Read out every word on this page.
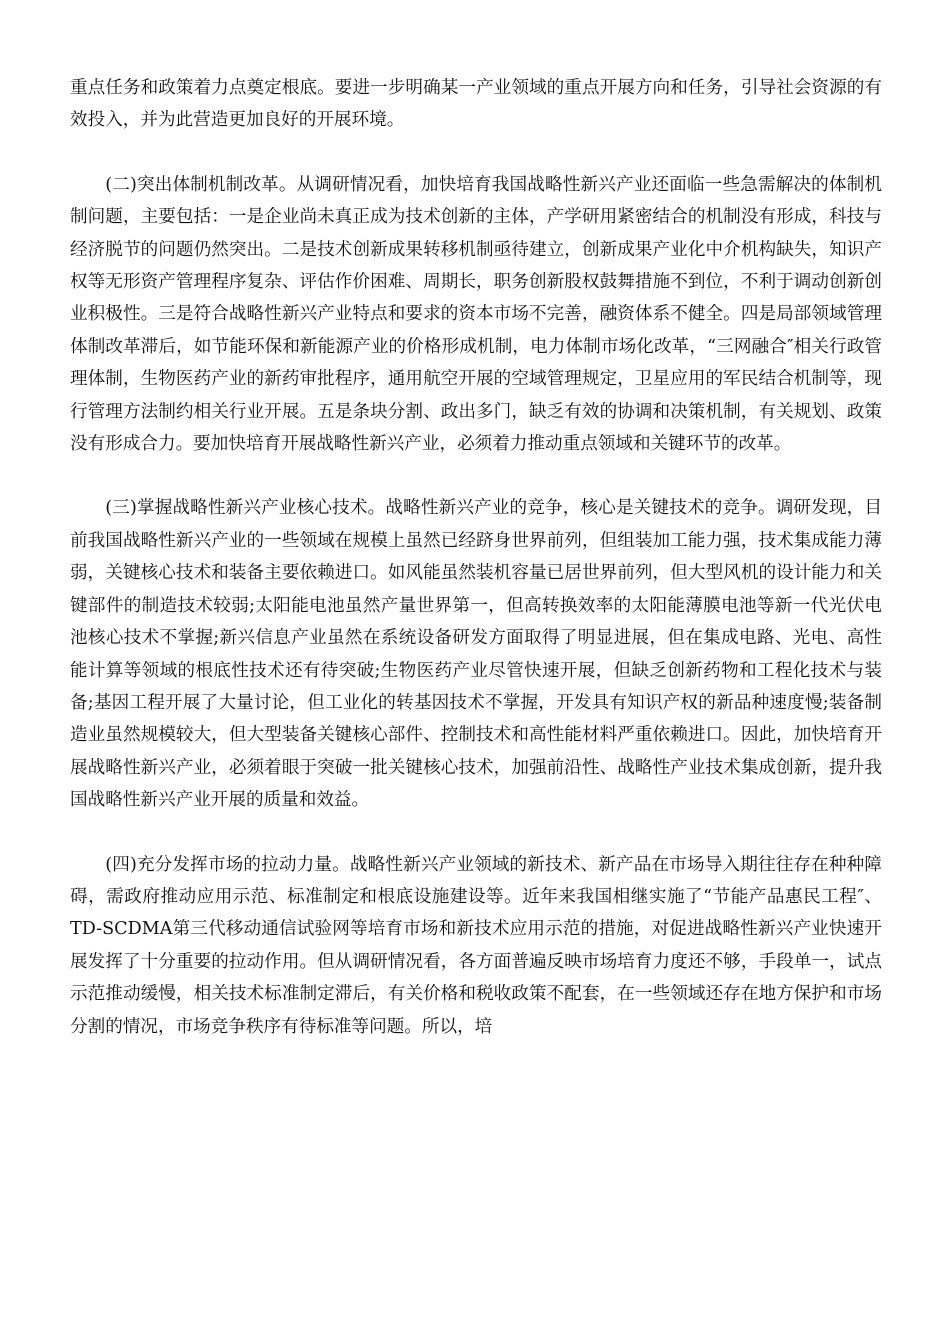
重点任务和政策着力点奠定根底。要进一步明确某一产业领域的重点开展方向和任务，引导社会资源的有效投入，并为此营造更加良好的开展环境。

(二)突出体制机制改革。从调研情况看，加快培育我国战略性新兴产业还面临一些急需解决的体制机制问题，主要包括：一是企业尚未真正成为技术创新的主体，产学研用紧密结合的机制没有形成，科技与经济脱节的问题仍然突出。二是技术创新成果转移机制亟待建立，创新成果产业化中介机构缺失，知识产权等无形资产管理程序复杂、评估作价困难、周期长，职务创新股权鼓舞措施不到位，不利于调动创新创业积极性。三是符合战略性新兴产业特点和要求的资本市场不完善，融资体系不健全。四是局部领域管理体制改革滞后，如节能环保和新能源产业的价格形成机制，电力体制市场化改革，“三网融合″相关行政管理体制，生物医药产业的新药审批程序，通用航空开展的空域管理规定，卫星应用的军民结合机制等，现行管理方法制约相关行业开展。五是条块分割、政出多门，缺乏有效的协调和决策机制，有关规划、政策没有形成合力。要加快培育开展战略性新兴产业，必须着力推动重点领域和关键环节的改革。

(三)掌握战略性新兴产业核心技术。战略性新兴产业的竞争，核心是关键技术的竞争。调研发现，目前我国战略性新兴产业的一些领域在规模上虽然已经跻身世界前列，但组装加工能力强，技术集成能力薄弱，关键核心技术和装备主要依赖进口。如风能虽然装机容量已居世界前列，但大型风机的设计能力和关键部件的制造技术较弱;太阳能电池虽然产量世界第一，但高转换效率的太阳能薄膜电池等新一代光伏电池核心技术不掌握;新兴信息产业虽然在系统设备研发方面取得了明显进展，但在集成电路、光电、高性能计算等领域的根底性技术还有待突破;生物医药产业尽管快速开展，但缺乏创新药物和工程化技术与装备;基因工程开展了大量讨论，但工业化的转基因技术不掌握，开发具有知识产权的新品种速度慢;装备制造业虽然规模较大，但大型装备关键核心部件、控制技术和高性能材料严重依赖进口。因此，加快培育开展战略性新兴产业，必须着眼于突破一批关键核心技术，加强前沿性、战略性产业技术集成创新，提升我国战略性新兴产业开展的质量和效益。

(四)充分发挥市场的拉动力量。战略性新兴产业领域的新技术、新产品在市场导入期往往存在种种障碍，需政府推动应用示范、标准制定和根底设施建设等。近年来我国相继实施了“节能产品惠民工程″、TD-SCDMA第三代移动通信试验网等培育市场和新技术应用示范的措施，对促进战略性新兴产业快速开展发挥了十分重要的拉动作用。但从调研情况看，各方面普遍反映市场培育力度还不够，手段单一，试点示范推动缓慢，相关技术标准制定滞后，有关价格和税收政策不配套，在一些领域还存在地方保护和市场分割的情况，市场竞争秩序有待标准等问题。所以，培
